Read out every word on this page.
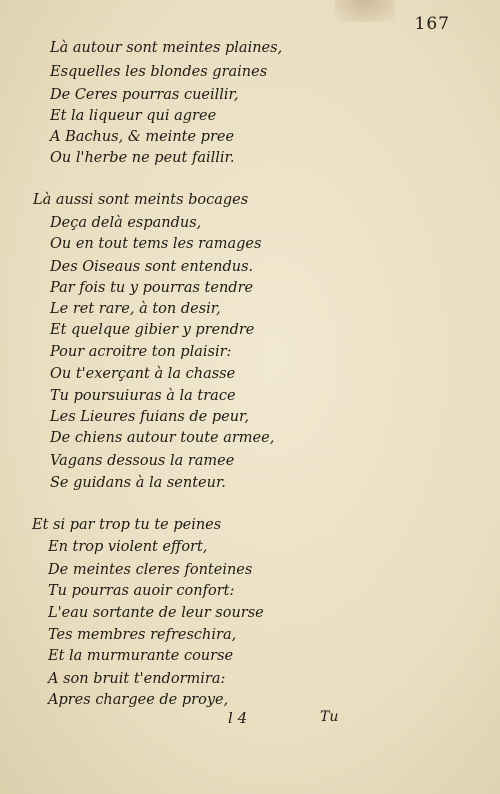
167
Là autour sont meintes plaines,
Esquelles les blondes graines
De Ceres pourras cueillir,
Et la liqueur qui agree
A Bachus, & meinte pree
Ou l'herbe ne peut faillir.
Là aussi sont meints bocages
Deça delà espandus,
Ou en tout tems les ramages
Des Oiseaus sont entendus.
Par fois tu y pourras tendre
Le ret rare, à ton desir,
Et quelque gibier y prendre
Pour acroitre ton plaisir:
Ou t'exerçant à la chasse
Tu poursuiuras à la trace
Les Lieures fuians de peur,
De chiens autour toute armee,
Vagans dessous la ramee
Se guidans à la senteur.
Et si par trop tu te peines
En trop violent effort,
De meintes cleres fonteines
Tu pourras auoir confort:
L'eau sortante de leur sourse
Tes membres refreschira,
Et la murmurante course
A son bruit t'endormira:
Apres chargee de proye,
l 4	Tu
